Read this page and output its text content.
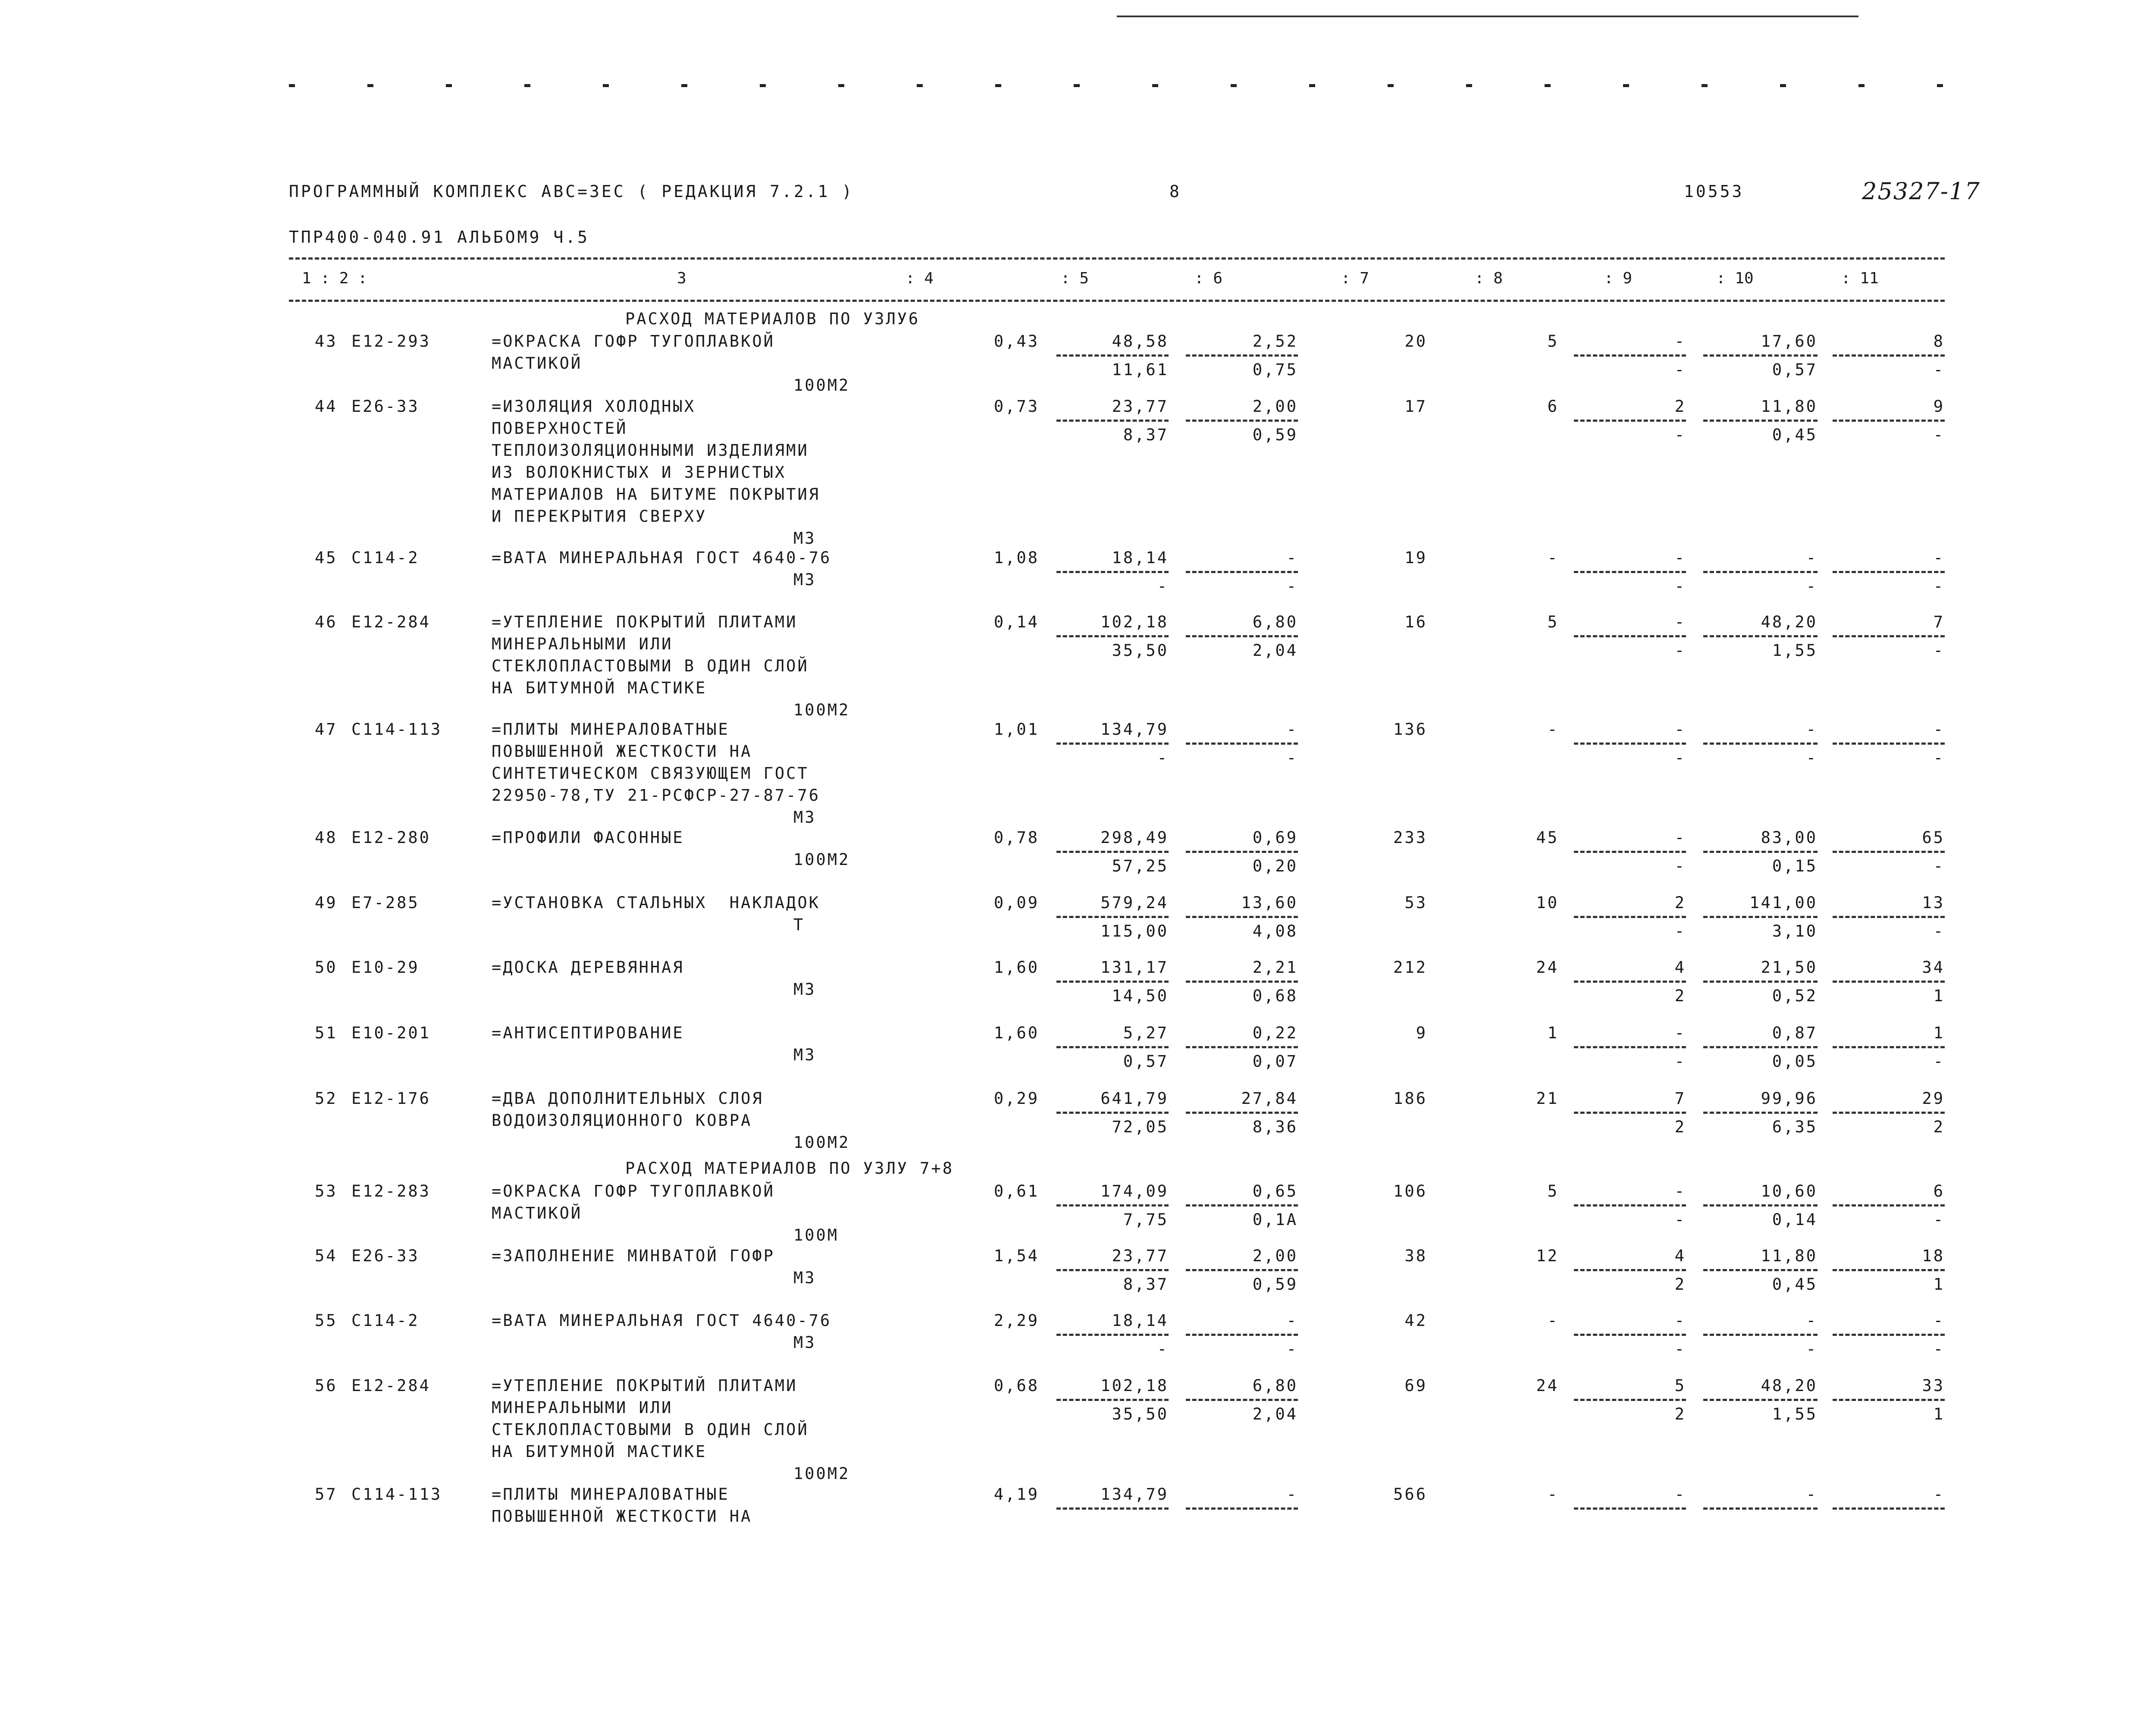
ПРОГРАММНЫЙ КОМПЛЕКС АВС=3ЕС ( РЕДАКЦИЯ 7.2.1 )	8	10553	25327-17
ТПР400-040.91 АЛЬБОМ9 Ч.5
1 : 2 :	3	: 4	: 5	: 6	: 7	: 8	: 9	: 10	: 11
РАСХОД МАТЕРИАЛОВ ПО УЗЛУ6
РАСХОД МАТЕРИАЛОВ ПО УЗЛУ 7+8
43 Е12-293	=ОКРАСКА ГОФР ТУГОПЛАВКОЙ
МАСТИКОЙ
100М2
0,43	48,58	2,52	20	5	-	17,60	8
11,61	0,75	-	0,57	-
44 Е26-33	=ИЗОЛЯЦИЯ ХОЛОДНЫХ
ПОВЕРХНОСТЕЙ
ТЕПЛОИЗОЛЯЦИОННЫМИ ИЗДЕЛИЯМИ
ИЗ ВОЛОКНИСТЫХ И ЗЕРНИСТЫХ
МАТЕРИАЛОВ НА БИТУМЕ ПОКРЫТИЯ
И ПЕРЕКРЫТИЯ СВЕРХУ
М3
0,73	23,77	2,00	17	6	2	11,80	9
8,37	0,59	-	0,45	-
45 С114-2	=ВАТА МИНЕРАЛЬНАЯ ГОСТ 4640-76
М3
1,08	18,14	-	19	-	-	-	-
-	-	-	-	-
46 Е12-284	=УТЕПЛЕНИЕ ПОКРЫТИЙ ПЛИТАМИ
МИНЕРАЛЬНЫМИ ИЛИ
СТЕКЛОПЛАСТОВЫМИ В ОДИН СЛОЙ
НА БИТУМНОЙ МАСТИКЕ
100М2
0,14	102,18	6,80	16	5	-	48,20	7
35,50	2,04	-	1,55	-
47 С114-113	=ПЛИТЫ МИНЕРАЛОВАТНЫЕ
ПОВЫШЕННОЙ ЖЕСТКОСТИ НА
СИНТЕТИЧЕСКОМ СВЯЗУЮЩЕМ ГОСТ
22950-78,ТУ 21-РСФСР-27-87-76
М3
1,01	134,79	-	136	-	-	-	-
-	-	-	-	-
48 Е12-280	=ПРОФИЛИ ФАСОННЫЕ
100М2
0,78	298,49	0,69	233	45	-	83,00	65
57,25	0,20	-	0,15	-
49 Е7-285	=УСТАНОВКА СТАЛЬНЫХ  НАКЛАДОК
Т
0,09	579,24	13,60	53	10	2	141,00	13
115,00	4,08	-	3,10	-
50 Е10-29	=ДОСКА ДЕРЕВЯННАЯ
М3
1,60	131,17	2,21	212	24	4	21,50	34
14,50	0,68	2	0,52	1
51 Е10-201	=АНТИСЕПТИРОВАНИЕ
М3
1,60	5,27	0,22	9	1	-	0,87	1
0,57	0,07	-	0,05	-
52 Е12-176	=ДВА ДОПОЛНИТЕЛЬНЫХ СЛОЯ
ВОДОИЗОЛЯЦИОННОГО КОВРА
100М2
0,29	641,79	27,84	186	21	7	99,96	29
72,05	8,36	2	6,35	2
53 Е12-283	=ОКРАСКА ГОФР ТУГОПЛАВКОЙ
МАСТИКОЙ
100М
0,61	174,09	0,65	106	5	-	10,60	6
7,75	0,1А	-	0,14	-
54 Е26-33	=ЗАПОЛНЕНИЕ МИНВАТОЙ ГОФР
М3
1,54	23,77	2,00	38	12	4	11,80	18
8,37	0,59	2	0,45	1
55 С114-2	=ВАТА МИНЕРАЛЬНАЯ ГОСТ 4640-76
М3
2,29	18,14	-	42	-	-	-	-
-	-	-	-	-
56 Е12-284	=УТЕПЛЕНИЕ ПОКРЫТИЙ ПЛИТАМИ
МИНЕРАЛЬНЫМИ ИЛИ
СТЕКЛОПЛАСТОВЫМИ В ОДИН СЛОЙ
НА БИТУМНОЙ МАСТИКЕ
100М2
0,68	102,18	6,80	69	24	5	48,20	33
35,50	2,04	2	1,55	1
57 С114-113	=ПЛИТЫ МИНЕРАЛОВАТНЫЕ
ПОВЫШЕННОЙ ЖЕСТКОСТИ НА
4,19	134,79	-	566	-	-	-	-
